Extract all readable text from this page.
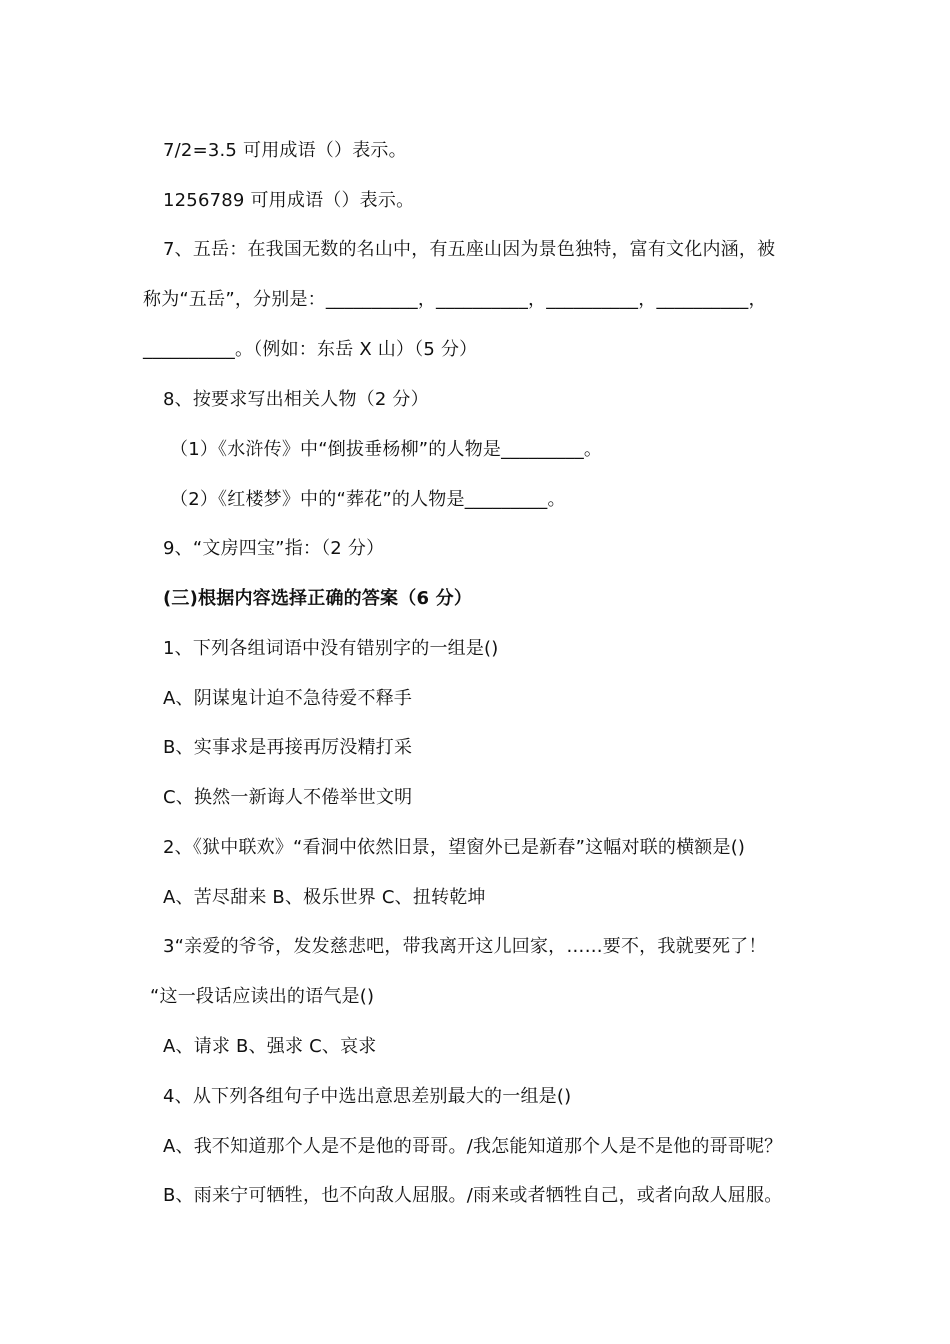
7/2=3.5 可用成语（）表示。
1256789 可用成语（）表示。
7、五岳：在我国无数的名山中，有五座山因为景色独特，富有文化内涵，被
称为“五岳”，分别是：__________，__________，__________，__________，
__________。（例如：东岳 X 山）（5 分）
8、按要求写出相关人物（2 分）
（1）《水浒传》中“倒拔垂杨柳”的人物是_________。
（2）《红楼梦》中的“葬花”的人物是_________。
9、“文房四宝”指：（2 分）
(三)根据内容选择正确的答案（6 分）
1、下列各组词语中没有错别字的一组是()
A、阴谋鬼计迫不急待爱不释手
B、实事求是再接再厉没精打采
C、换然一新诲人不倦举世文明
2、《狱中联欢》“看洞中依然旧景，望窗外已是新春”这幅对联的横额是()
A、苦尽甜来 B、极乐世界 C、扭转乾坤
3“亲爱的爷爷，发发慈悲吧，带我离开这儿回家，……要不，我就要死了！
“这一段话应读出的语气是()
A、请求 B、强求 C、哀求
4、从下列各组句子中选出意思差别最大的一组是()
A、我不知道那个人是不是他的哥哥。/我怎能知道那个人是不是他的哥哥呢？
B、雨来宁可牺牲，也不向敌人屈服。/雨来或者牺牲自己，或者向敌人屈服。
